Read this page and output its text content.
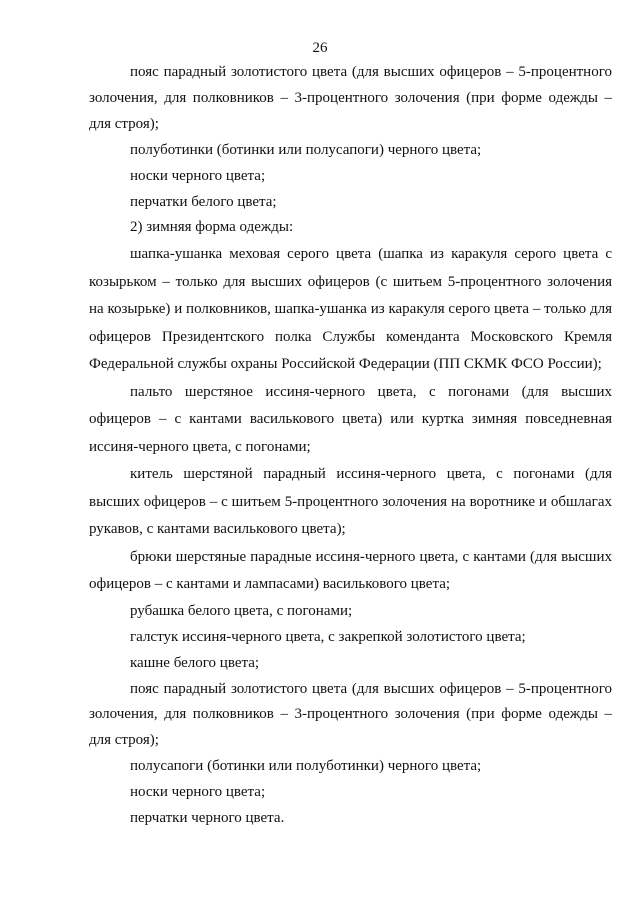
26

пояс парадный золотистого цвета (для высших офицеров – 5-процентного золочения, для полковников – 3-процентного золочения (при форме одежды – для строя);

полуботинки (ботинки или полусапоги) черного цвета;

носки черного цвета;

перчатки белого цвета;

2) зимняя форма одежды:

шапка-ушанка меховая серого цвета (шапка из каракуля серого цвета с козырьком – только для высших офицеров (с шитьем 5-процентного золочения на козырьке) и полковников, шапка-ушанка из каракуля серого цвета – только для офицеров Президентского полка Службы коменданта Московского Кремля Федеральной службы охраны Российской Федерации (ПП СКМК ФСО России);

пальто шерстяное иссиня-черного цвета, с погонами (для высших офицеров – с кантами василькового цвета) или куртка зимняя повседневная иссиня-черного цвета, с погонами;

китель шерстяной парадный иссиня-черного цвета, с погонами (для высших офицеров – с шитьем 5-процентного золочения на воротнике и обшлагах рукавов, с кантами василькового цвета);

брюки шерстяные парадные иссиня-черного цвета, с кантами (для высших офицеров – с кантами и лампасами) василькового цвета;

рубашка белого цвета, с погонами;

галстук иссиня-черного цвета, с закрепкой золотистого цвета;

кашне белого цвета;

пояс парадный золотистого цвета (для высших офицеров – 5-процентного золочения, для полковников – 3-процентного золочения (при форме одежды – для строя);

полусапоги (ботинки или полуботинки) черного цвета;

носки черного цвета;

перчатки черного цвета.
